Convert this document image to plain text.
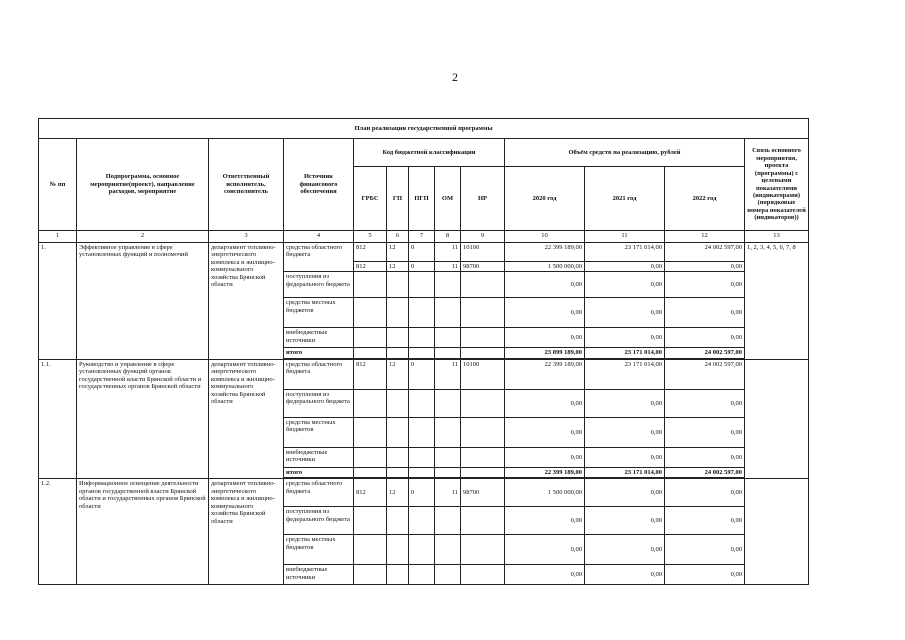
2
План реализации государственной программы												
№ пп	Подпрограмма, основное мероприятие(проект), направление расходов, мероприятие	Ответственный исполнитель, соисполнитель	Источник финансового обеспечения	Код бюджетной классификации					Объём средств на реализацию, рублей			Связь основного мероприятия, проекта (программы) с целевыми показателями (индикаторами) (порядковые номера показателей (индикаторов))
				ГРБС	ГП	ПГП	ОМ	НР	2020 год	2021 год	2022 год	
1	2	3	4	5	6	7	8	9	10	11	12	13
1.	Эффективное управление в сфере установленных функций и полномочий	департамент топливно-энергетического комплекса и жилищно-коммунального хозяйства Брянской области	средства областного бюджета	812	12	0	11	10100	22 399 189,00	23 171 014,00	24 002 597,00	1, 2, 3, 4, 5, 6, 7, 8
				812	12	0	11	98700	1 500 000,00	0,00	0,00	
			поступления из федерального бюджета						0,00	0,00	0,00	
			средства местных бюджетов						0,00	0,00	0,00	
			внебюджетные источники						0,00	0,00	0,00	
			итого						23 899 189,00	23 171 014,00	24 002 597,00	

1.1.	Руководство и управление в сфере установленных функций органов государственной власти Брянской области и государственных органов Брянской области	департамент топливно-энергетического комплекса и жилищно-коммунального хозяйства Брянской области	средства областного бюджета	812	12	0	11	10100	22 399 189,00	23 171 014,00	24 002 597,00	
			поступления из федерального бюджета						0,00	0,00	0,00	
			средства местных бюджетов						0,00	0,00	0,00	
			внебюджетные источники						0,00	0,00	0,00	
			итого						22 399 189,00	23 171 014,00	24 002 597,00	

1.2.	Информационное освещение деятельности органов государственной власти Брянской области и государственных органов Брянской области	департамент топливно-энергетического комплекса и жилищно-коммунального хозяйства Брянской области	средства областного бюджета	812	12	0	11	98700	1 500 000,00	0,00	0,00	
			поступления из федерального бюджета						0,00	0,00	0,00	
			средства местных бюджетов						0,00	0,00	0,00	
			внебюджетные источники						0,00	0,00	0,00	
